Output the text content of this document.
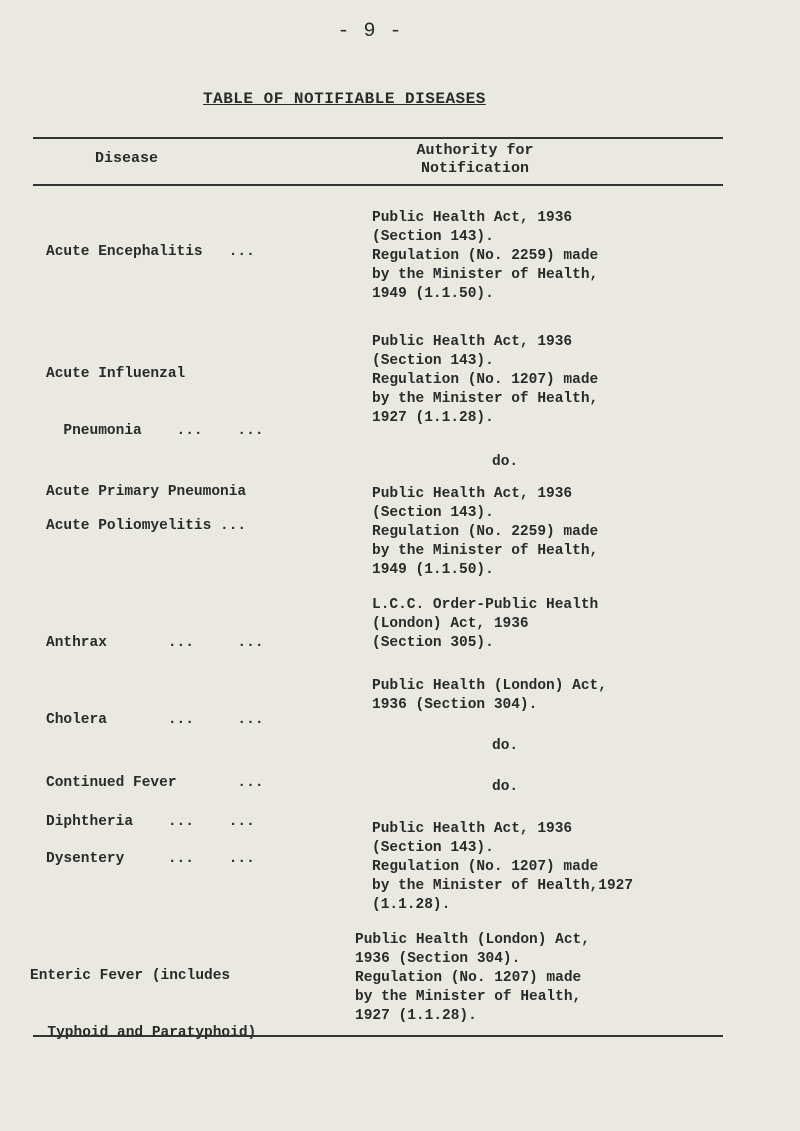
- 9 -
TABLE OF NOTIFIABLE DISEASES
Disease	Authority for
Notification

Acute Encephalitis   ...

Public Health Act, 1936
(Section 143).
Regulation (No. 2259) made
by the Minister of Health,
1949 (1.1.50).

Acute Influenzal

Pneumonia    ...    ...

Public Health Act, 1936
(Section 143).
Regulation (No. 1207) made
by the Minister of Health,
1927 (1.1.28).

Acute Primary Pneumonia

do.

Acute Poliomyelitis ...

Public Health Act, 1936
(Section 143).
Regulation (No. 2259) made
by the Minister of Health,
1949 (1.1.50).

Anthrax       ...     ...

L.C.C. Order-Public Health
(London) Act, 1936
(Section 305).

Cholera       ...     ...

Public Health (London) Act,
1936 (Section 304).

Continued Fever       ...

do.

Diphtheria    ...    ...

do.

Dysentery     ...    ...

Public Health Act, 1936
(Section 143).
Regulation (No. 1207) made
by the Minister of Health,1927
(1.1.28).

Enteric Fever (includes

Typhoid and Paratyphoid)

Public Health (London) Act,
1936 (Section 304).
Regulation (No. 1207) made
by the Minister of Health,
1927 (1.1.28).
